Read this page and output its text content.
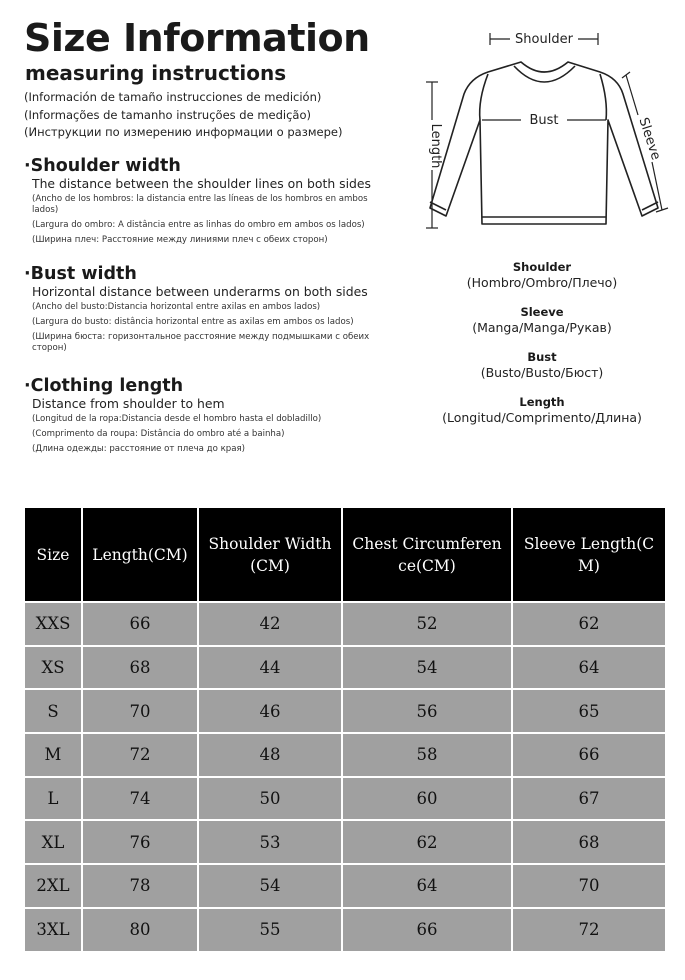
Size Information
measuring instructions
(Información de tamaño instrucciones de medición)
(Informações de tamanho instruções de medição)
(Инструкции по измерению информации о размере)
·Shoulder width
The distance between the shoulder lines on both sides
(Ancho de los hombros: la distancia entre las líneas de los hombros en ambos lados)
(Largura do ombro: A distância entre as linhas do ombro em ambos os lados)
(Ширина плеч: Расстояние между линиями плеч с обеих сторон)
·Bust width
Horizontal distance between underarms on both sides
(Ancho del busto:Distancia horizontal entre axilas en ambos lados)
(Largura do busto: distância horizontal entre as axilas em ambos os lados)
(Ширина бюста: горизонтальное расстояние между подмышками с обеих сторон)
·Clothing length
Distance from shoulder to hem
(Longitud de la ropa:Distancia desde el hombro hasta el dobladillo)
(Comprimento da roupa: Distância do ombro até a bainha)
(Длина одежды: расстояние от плеча до края)
Shoulder
Bust
Length	Sleeve
Shoulder
(Hombro/Ombro/Плечо)
Sleeve
(Manga/Manga/Рукав)
Bust
(Busto/Busto/Бюст)
Length
(Longitud/Comprimento/Длина)
Size	Length(CM)	Shoulder Width(CM)	Chest Circumference(CM)	Sleeve Length(CM)
XXS	66	42	52	62
XS	68	44	54	64
S	70	46	56	65
M	72	48	58	66
L	74	50	60	67
XL	76	53	62	68
2XL	78	54	64	70
3XL	80	55	66	72
